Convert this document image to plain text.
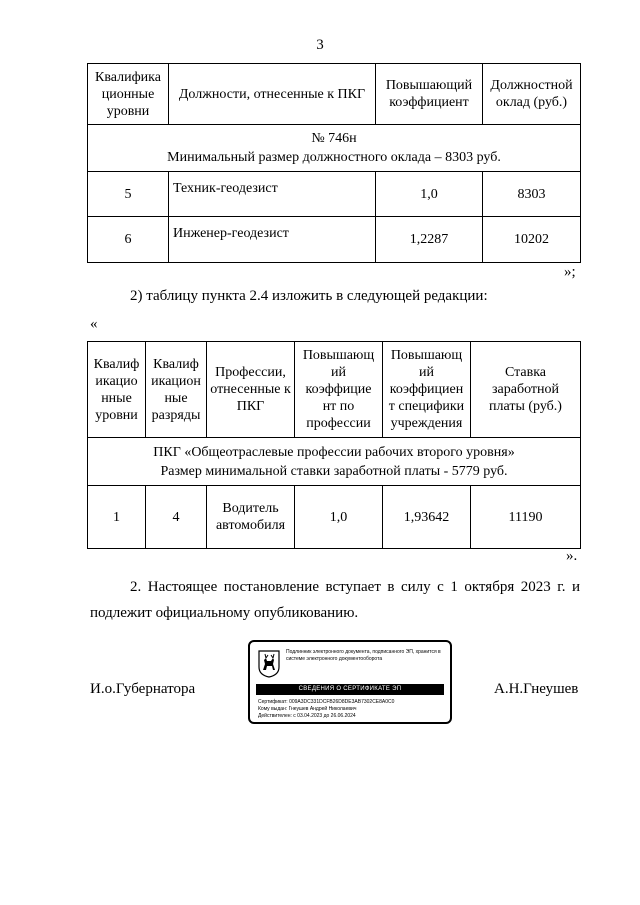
3
Квалифика ционные уровни	Должности, отнесенные к ПКГ	Повышающий коэффициент	Должностной оклад (руб.)

№ 746н
Минимальный размер должностного оклада – 8303 руб.			

5	Техник-геодезист	1,0	8303
6	Инженер-геодезист	1,2287	10202
»;
2) таблицу пункта 2.4 изложить в следующей редакции:
«
Квалиф икацио нные уровни	Квалиф икацион ные разряды	Профессии, отнесенные к ПКГ	Повышающ ий коэффицие нт по профессии	Повышающ ий коэффициен т специфики учреждения	Ставка заработной платы (руб.)

ПКГ «Общеотраслевые профессии рабочих второго уровня»
Размер минимальной ставки заработной платы - 5779 руб.					

1	4	Водитель автомобиля	1,0	1,93642	11190
».
2. Настоящее постановление вступает в силу с 1 октября 2023 г. и подлежит официальному опубликованию.
И.о.Губернатора
Подлинник электронного документа, подписанного ЭП, хранится в системе электронного документооборота
СВЕДЕНИЯ О СЕРТИФИКАТЕ ЭП
Сертификат: 009A3DC331DCFB26D8DE3AB7302CE8A0C0
Кому выдан: Гнеушев Андрей Николаевич
Действителен: с 03.04.2023 до 26.06.2024
А.Н.Гнеушев
